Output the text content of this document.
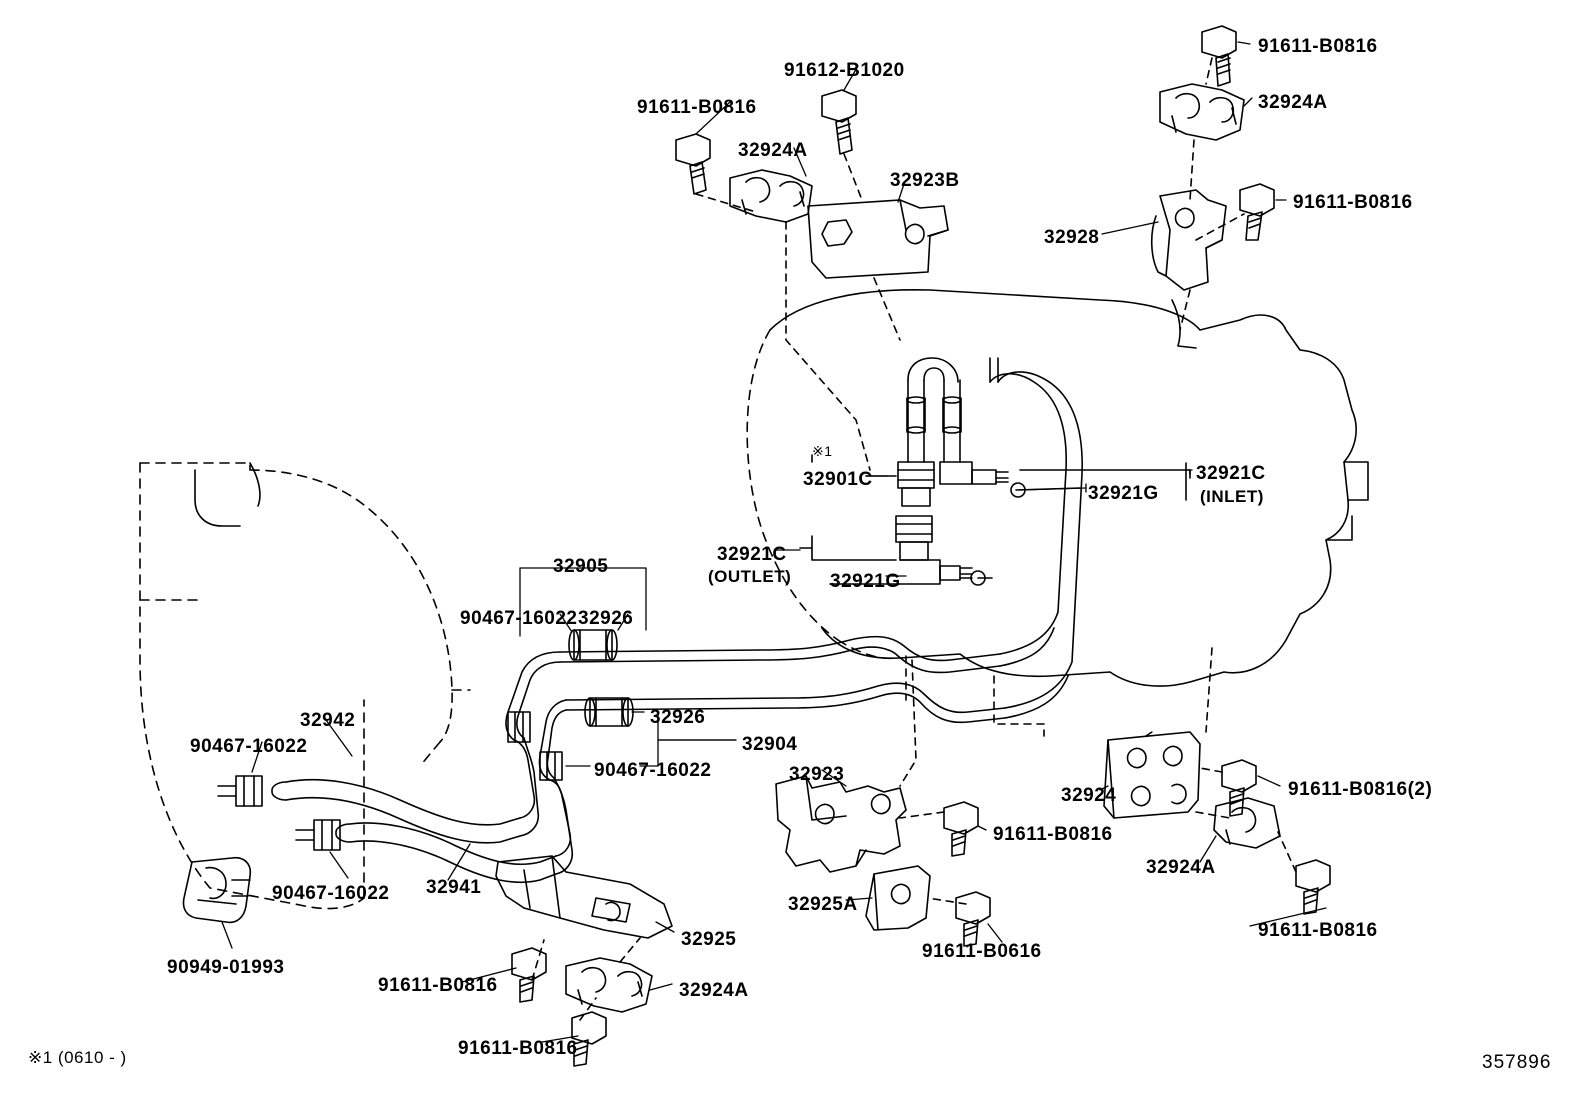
91611-B0816
32924A
91612-B1020
91611-B0816
32924A
32923B
91611-B0816
32928
※1
32901C	32921C
(INLET)
32921G
32921C
(OUTLET) 32921G
32905
90467-16022 32926
32926
32904
90467-16022
32942
90467-16022
90467-16022 32941
90949-01993
32923
91611-B0816
32925A
91611-B0616
32924	91611-B0816(2)
32924A
91611-B0816
32925
91611-B0816	32924A
91611-B0816
※1 (0610 - )	357896
